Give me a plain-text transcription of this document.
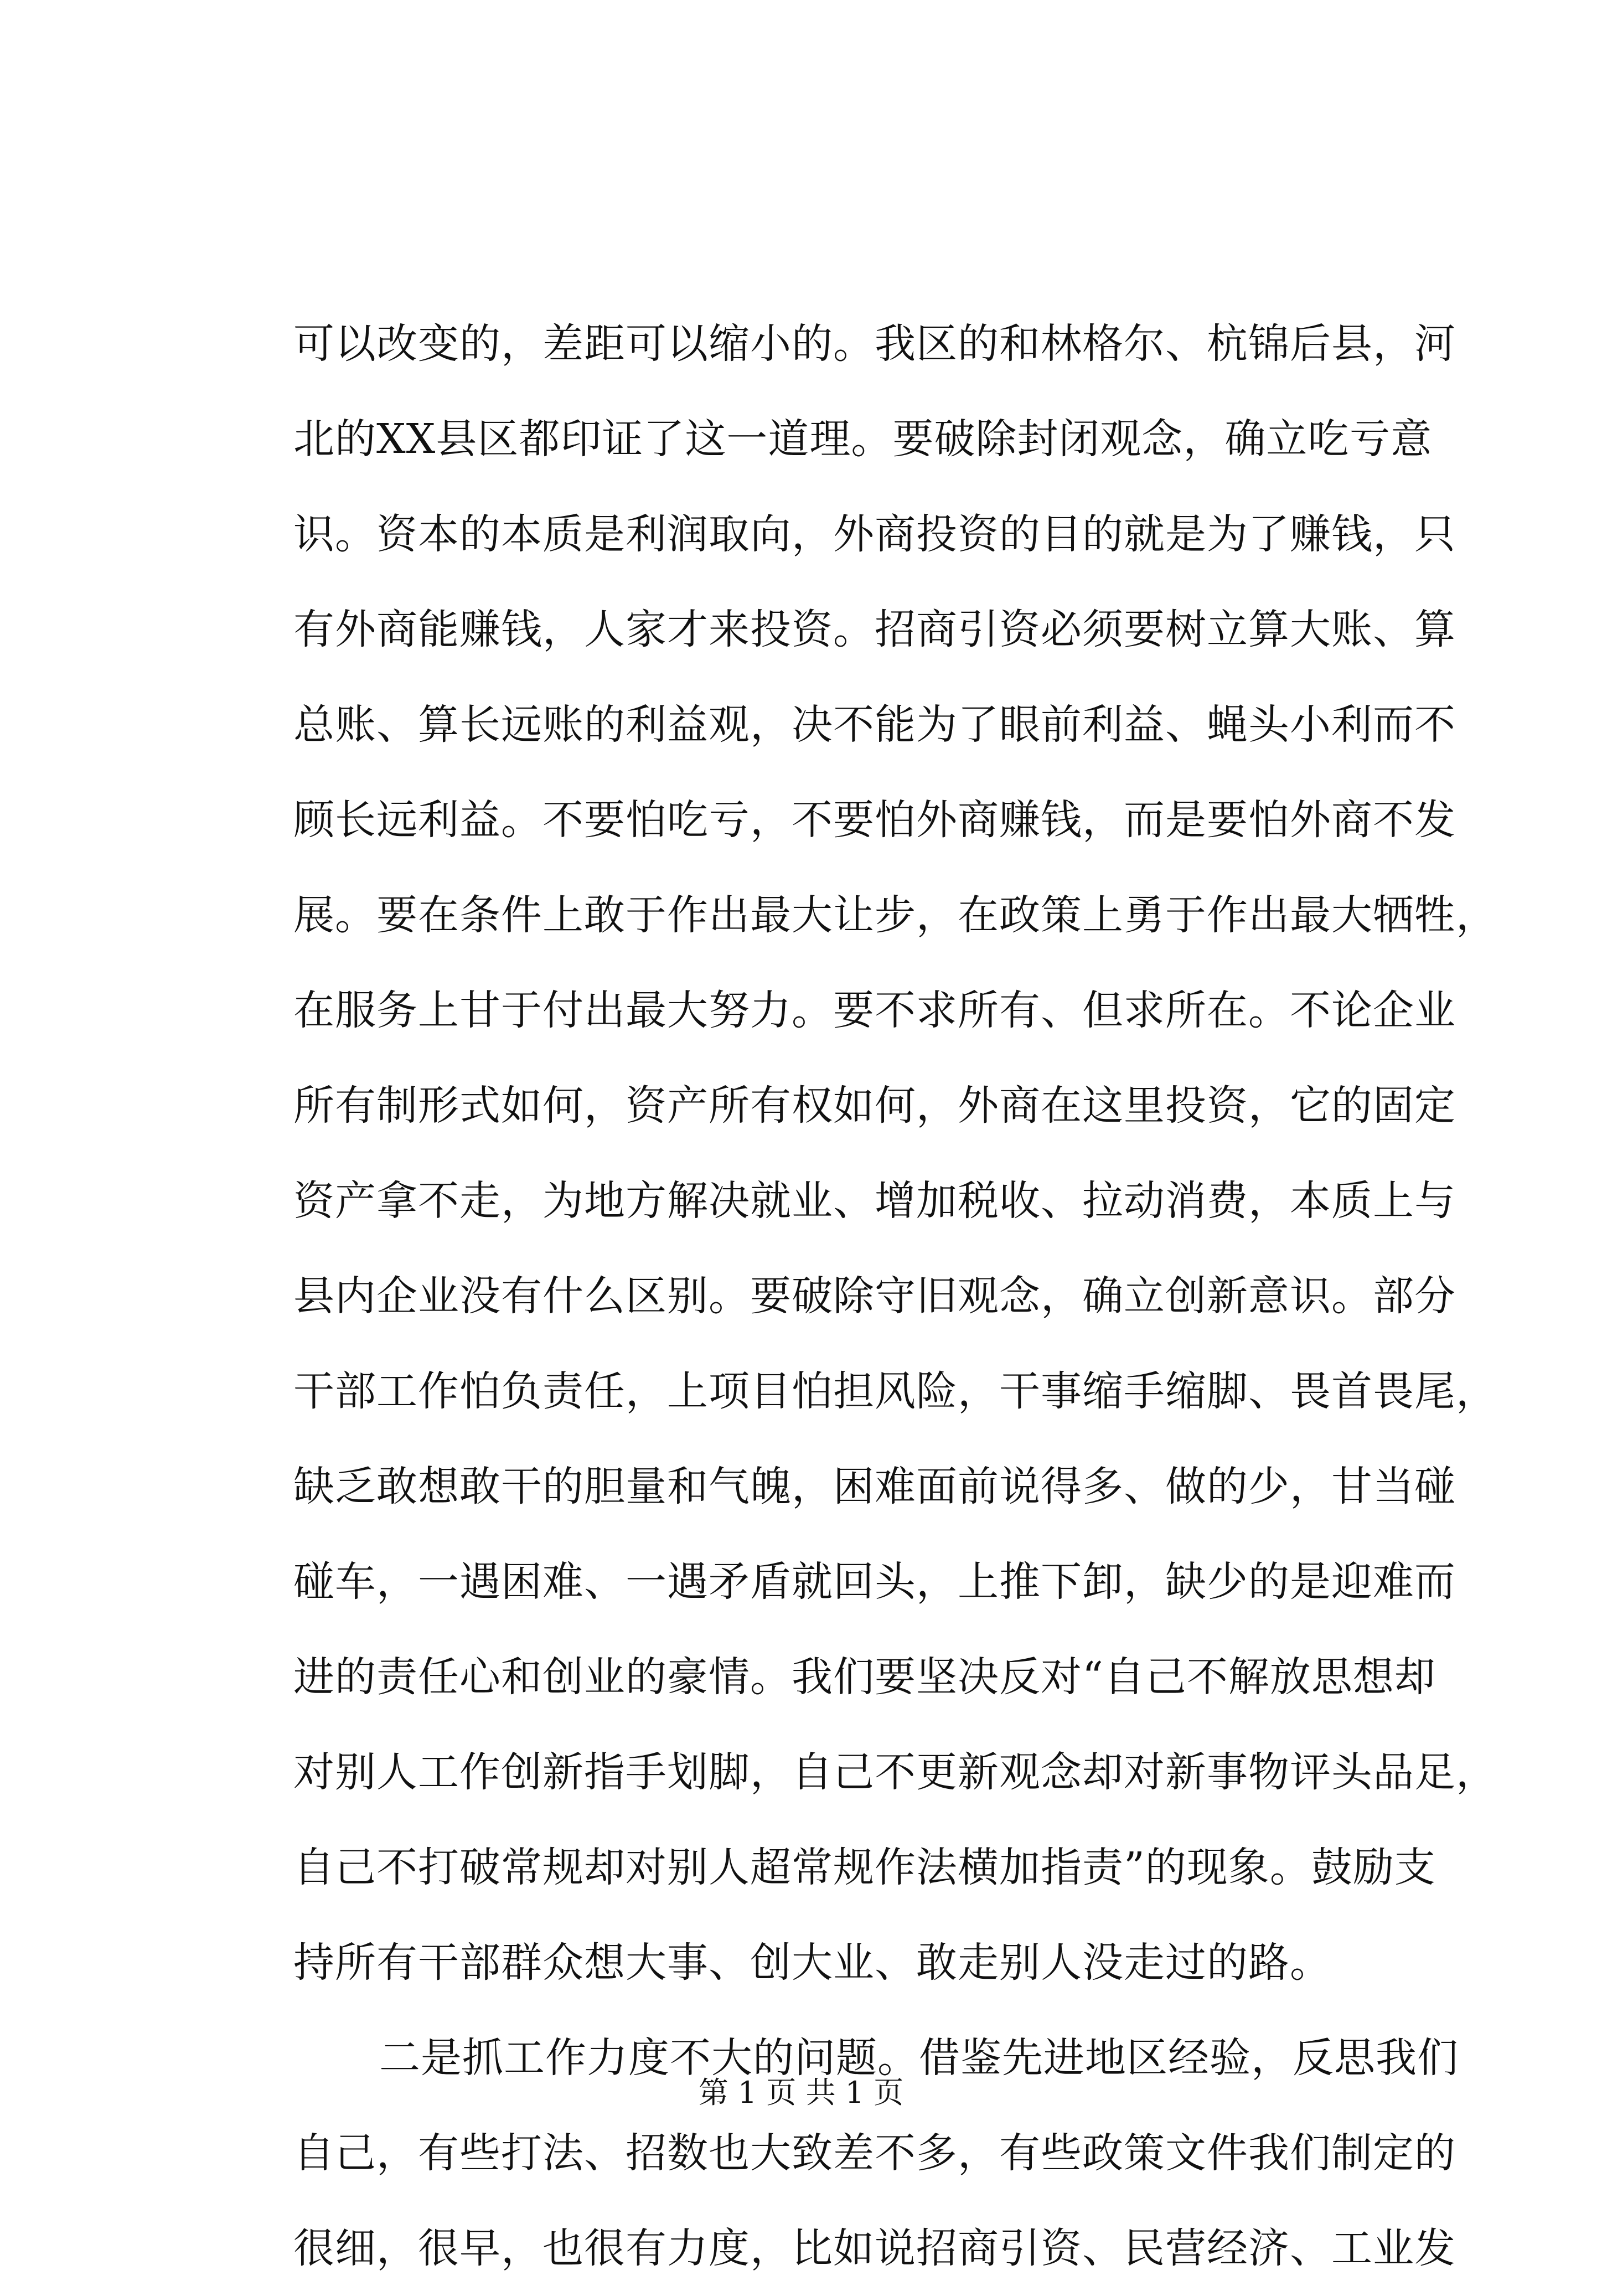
可以改变的，差距可以缩小的。我区的和林格尔、杭锦后县，河
北的XX县区都印证了这一道理。要破除封闭观念，确立吃亏意
识。资本的本质是利润取向，外商投资的目的就是为了赚钱，只
有外商能赚钱，人家才来投资。招商引资必须要树立算大账、算
总账、算长远账的利益观，决不能为了眼前利益、蝇头小利而不
顾长远利益。不要怕吃亏，不要怕外商赚钱，而是要怕外商不发
展。要在条件上敢于作出最大让步，在政策上勇于作出最大牺牲，
在服务上甘于付出最大努力。要不求所有、但求所在。不论企业
所有制形式如何，资产所有权如何，外商在这里投资，它的固定
资产拿不走，为地方解决就业、增加税收、拉动消费，本质上与
县内企业没有什么区别。要破除守旧观念，确立创新意识。部分
干部工作怕负责任，上项目怕担风险，干事缩手缩脚、畏首畏尾，
缺乏敢想敢干的胆量和气魄，困难面前说得多、做的少，甘当碰
碰车，一遇困难、一遇矛盾就回头，上推下卸，缺少的是迎难而
进的责任心和创业的豪情。我们要坚决反对“自己不解放思想却
对别人工作创新指手划脚，自己不更新观念却对新事物评头品足，
自己不打破常规却对别人超常规作法横加指责”的现象。鼓励支
持所有干部群众想大事、创大业、敢走别人没走过的路。
二是抓工作力度不大的问题。借鉴先进地区经验，反思我们
自己，有些打法、招数也大致差不多，有些政策文件我们制定的
很细，很早，也很有力度，比如说招商引资、民营经济、工业发
第 1 页 共 1 页
